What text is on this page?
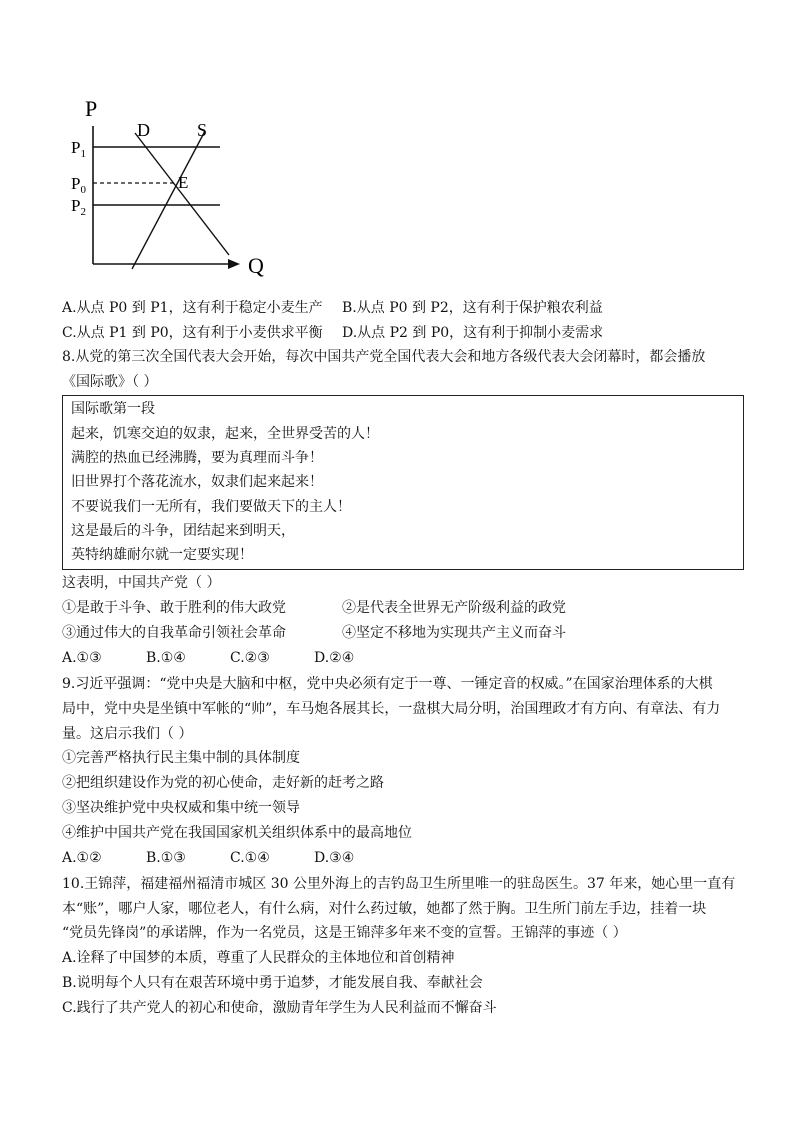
P
Q
$P_1$
$P_0$
$P_2$
D	S
E
A.从点 P0 到 P1，这有利于稳定小麦生产 B.从点 P0 到 P2，这有利于保护粮农利益
C.从点 P1 到 P0，这有利于小麦供求平衡 D.从点 P2 到 P0，这有利于抑制小麦需求
8.从党的第三次全国代表大会开始，每次中国共产党全国代表大会和地方各级代表大会闭幕时，都会播放
《国际歌》（ ）
国际歌第一段
起来，饥寒交迫的奴隶，起来，全世界受苦的人！
满腔的热血已经沸腾，要为真理而斗争！
旧世界打个落花流水，奴隶们起来起来！
不要说我们一无所有，我们要做天下的主人！
这是最后的斗争，团结起来到明天，
英特纳雄耐尔就一定要实现！
这表明，中国共产党（ ）
①是敢于斗争、敢于胜利的伟大政党	②是代表全世界无产阶级利益的政党
③通过伟大的自我革命引领社会革命	④坚定不移地为实现共产主义而奋斗
A.①③	B.①④	C.②③	D.②④
9.习近平强调：“党中央是大脑和中枢，党中央必须有定于一尊、一锤定音的权威。”在国家治理体系的大棋
局中，党中央是坐镇中军帐的“帅”，车马炮各展其长，一盘棋大局分明，治国理政才有方向、有章法、有力
量。这启示我们（ ）
①完善严格执行民主集中制的具体制度
②把组织建设作为党的初心使命，走好新的赶考之路
③坚决维护党中央权威和集中统一领导
④维护中国共产党在我国国家机关组织体系中的最高地位
A.①②	B.①③	C.①④	D.③④
10.王锦萍，福建福州福清市城区 30 公里外海上的吉钓岛卫生所里唯一的驻岛医生。37 年来，她心里一直有
本“账”，哪户人家，哪位老人，有什么病，对什么药过敏，她都了然于胸。卫生所门前左手边，挂着一块
“党员先锋岗”的承诺牌，作为一名党员，这是王锦萍多年来不变的宣誓。王锦萍的事迹（ ）
A.诠释了中国梦的本质，尊重了人民群众的主体地位和首创精神
B.说明每个人只有在艰苦环境中勇于追梦，才能发展自我、奉献社会
C.践行了共产党人的初心和使命，激励青年学生为人民利益而不懈奋斗
